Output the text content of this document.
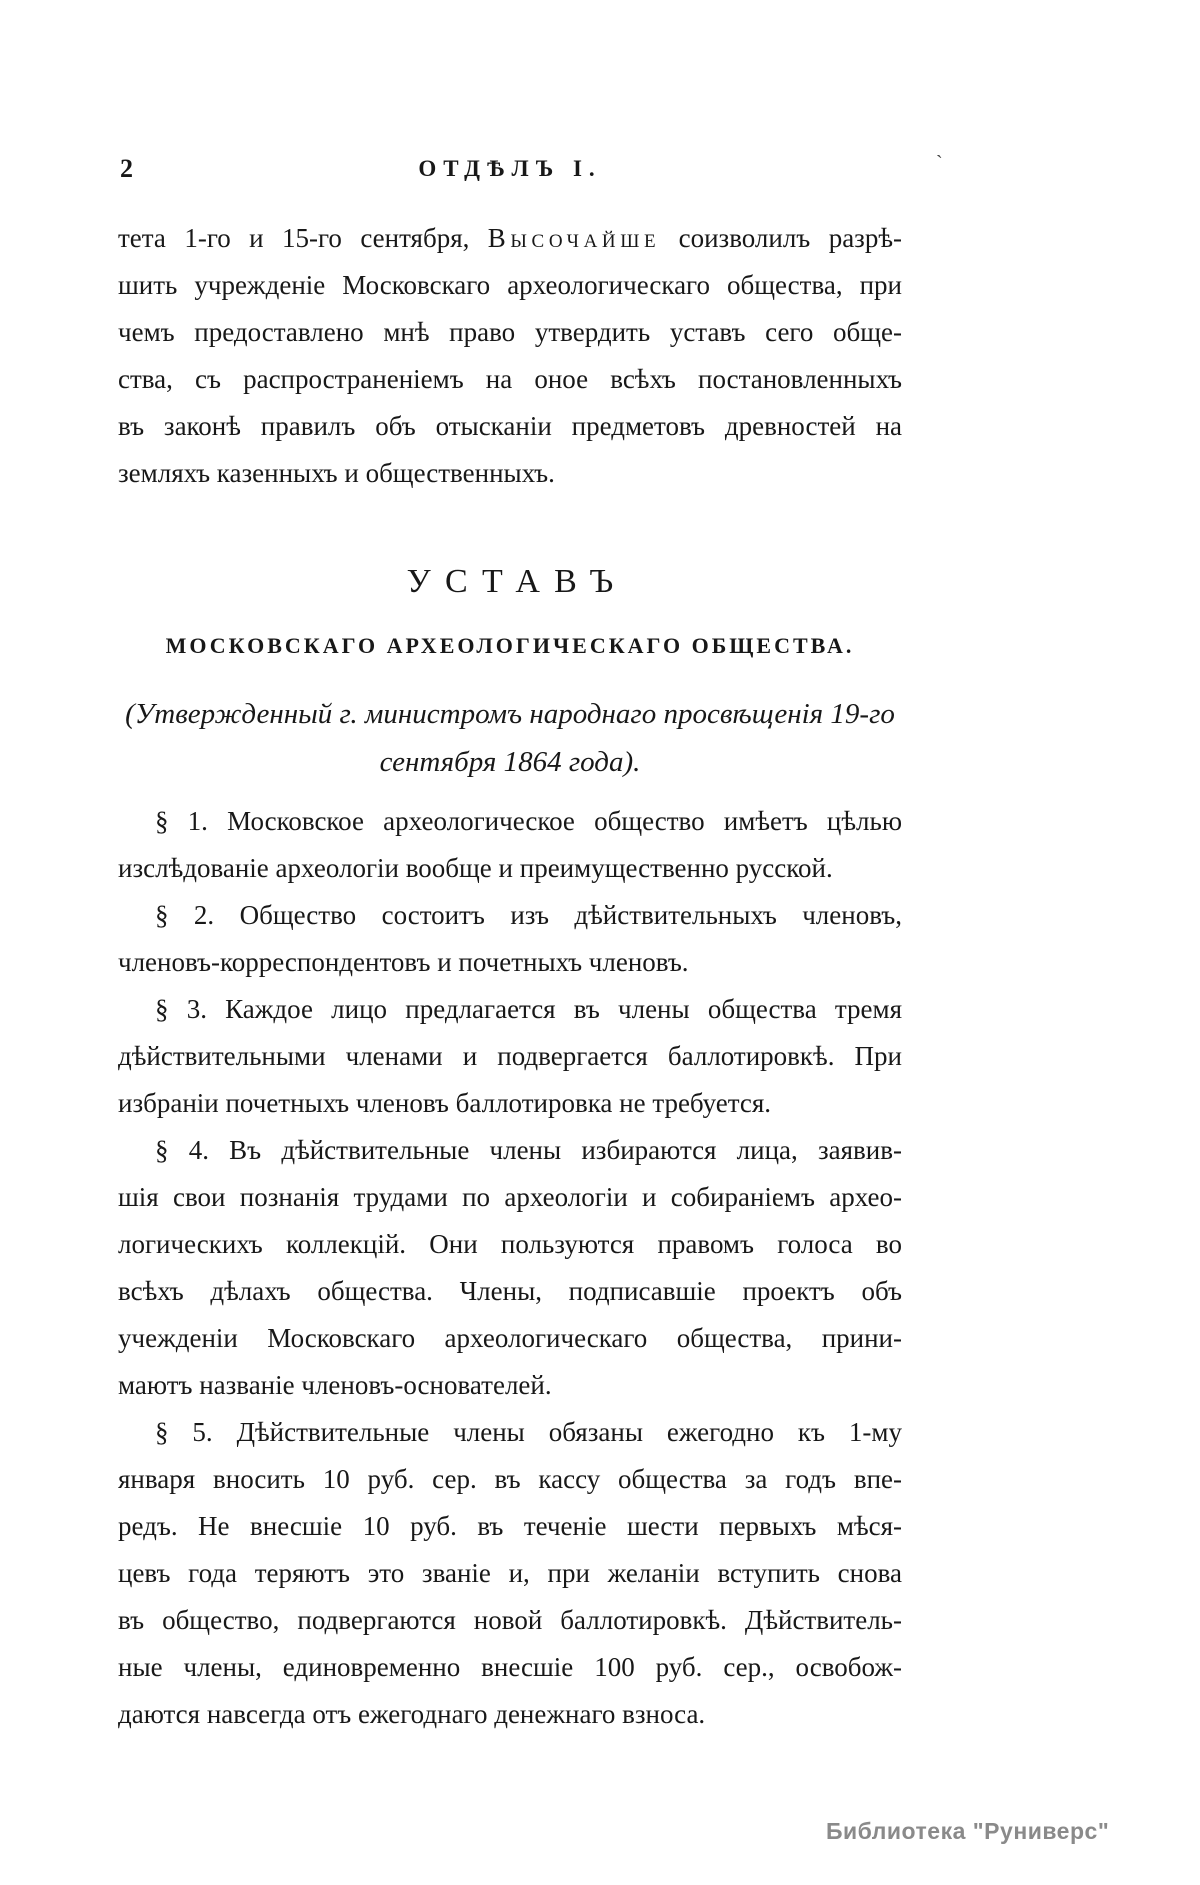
2	ОТДѢЛЪ I.	`
тета 1-го и 15-го сентября, Высочайше соизволилъ разрѣ-
шить учрежденіе Московскаго археологическаго общества, при
чемъ предоставлено мнѣ право утвердить уставъ сего обще-
ства, съ распространеніемъ на оное всѣхъ постановленныхъ
въ законѣ правилъ объ отысканіи предметовъ древностей на
земляхъ казенныхъ и общественныхъ.
УСТАВЪ
МОСКОВСКАГО АРХЕОЛОГИЧЕСКАГО ОБЩЕСТВА.
(Утвержденный г. министромъ народнаго просвѣщенія 19-го
сентября 1864 года).
§ 1. Московское археологическое общество имѣетъ цѣлью
изслѣдованіе археологіи вообще и преимущественно русской.
§ 2. Общество состоитъ изъ дѣйствительныхъ членовъ,
членовъ-корреспондентовъ и почетныхъ членовъ.
§ 3. Каждое лицо предлагается въ члены общества тремя
дѣйствительными членами и подвергается баллотировкѣ. При
избраніи почетныхъ членовъ баллотировка не требуется.
§ 4. Въ дѣйствительные члены избираются лица, заявив-
шія свои познанія трудами по археологіи и собираніемъ архео-
логическихъ коллекцій. Они пользуются правомъ голоса во
всѣхъ дѣлахъ общества. Члены, подписавшіе проектъ объ
учежденіи Московскаго археологическаго общества, прини-
маютъ названіе членовъ-основателей.
§ 5. Дѣйствительные члены обязаны ежегодно къ 1-му
января вносить 10 руб. сер. въ кассу общества за годъ впе-
редъ. Не внесшіе 10 руб. въ теченіе шести первыхъ мѣся-
цевъ года теряютъ это званіе и, при желаніи вступить снова
въ общество, подвергаются новой баллотировкѣ. Дѣйствитель-
ные члены, единовременно внесшіе 100 руб. сер., освобож-
даются навсегда отъ ежегоднаго денежнаго взноса.
Библиотека "Руниверс"
